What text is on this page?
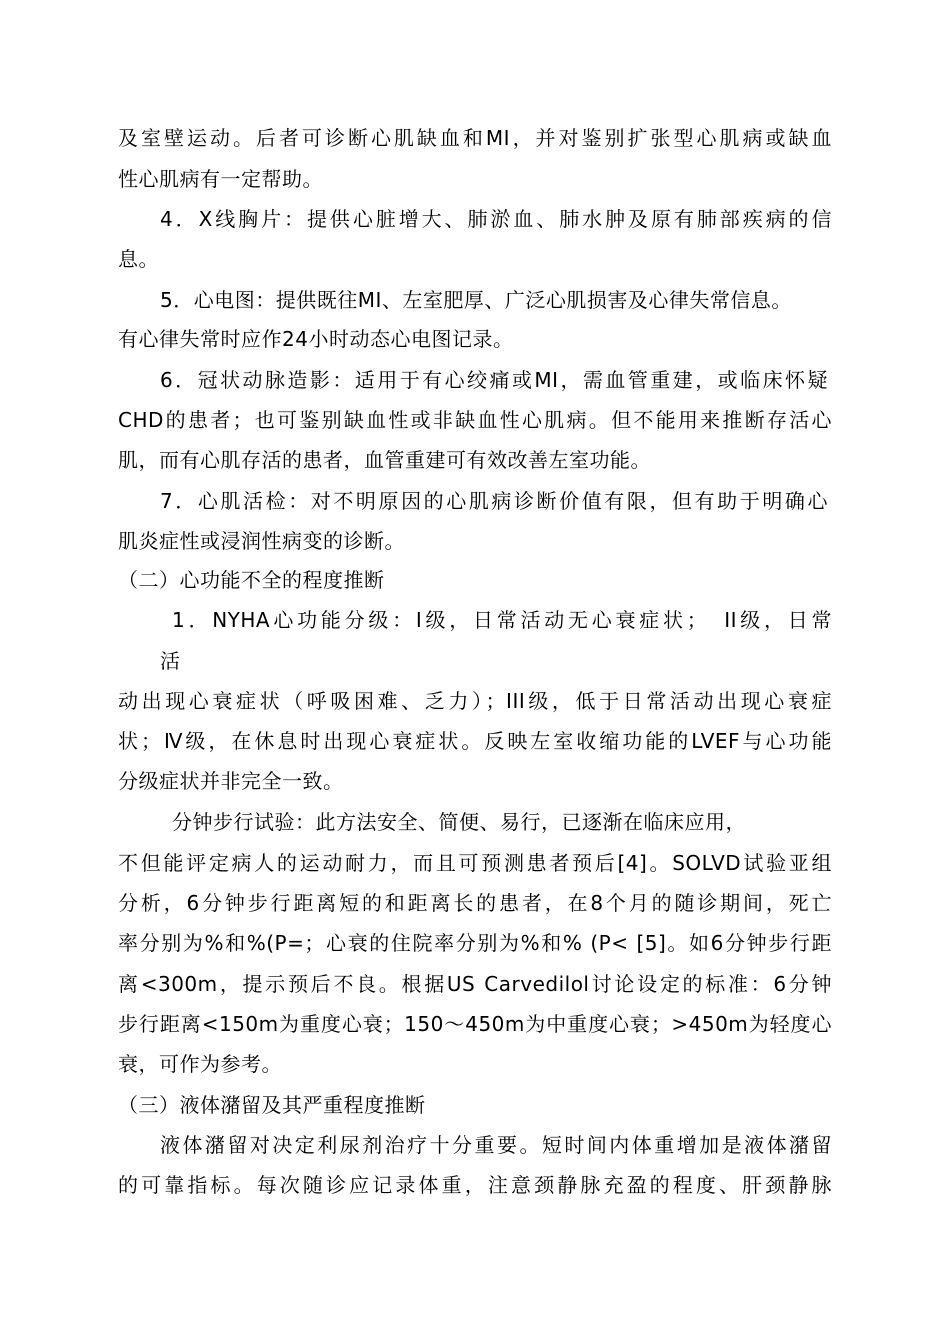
及室壁运动。后者可诊断心肌缺血和MI，并对鉴别扩张型心肌病或缺血
性心肌病有一定帮助。
4．X线胸片：提供心脏增大、肺淤血、肺水肿及原有肺部疾病的信
息。
5．心电图：提供既往MI、左室肥厚、广泛心肌损害及心律失常信息。
有心律失常时应作24小时动态心电图记录。
6．冠状动脉造影：适用于有心绞痛或MI，需血管重建，或临床怀疑
CHD的患者；也可鉴别缺血性或非缺血性心肌病。但不能用来推断存活心
肌，而有心肌存活的患者，血管重建可有效改善左室功能。
7．心肌活检：对不明原因的心肌病诊断价值有限，但有助于明确心
肌炎症性或浸润性病变的诊断。
（二）心功能不全的程度推断
1．NYHA心功能分级：I级，日常活动无心衰症状；　II级，日常
活
动出现心衰症状（呼吸困难、乏力）；III级，低于日常活动出现心衰症
状；Ⅳ级，在休息时出现心衰症状。反映左室收缩功能的LVEF与心功能
分级症状并非完全一致。
分钟步行试验：此方法安全、简便、易行，已逐渐在临床应用，
不但能评定病人的运动耐力，而且可预测患者预后[4]。SOLVD试验亚组
分析，6分钟步行距离短的和距离长的患者，在8个月的随诊期间，死亡
率分别为%和%(P=；心衰的住院率分别为%和% (P< [5]。如6分钟步行距
离<300m，提示预后不良。根据US Carvedilol讨论设定的标准：6分钟
步行距离<150m为重度心衰；150～450m为中重度心衰；>450m为轻度心
衰，可作为参考。
（三）液体潴留及其严重程度推断
液体潴留对决定利尿剂治疗十分重要。短时间内体重增加是液体潴留
的可靠指标。每次随诊应记录体重，注意颈静脉充盈的程度、肝颈静脉
